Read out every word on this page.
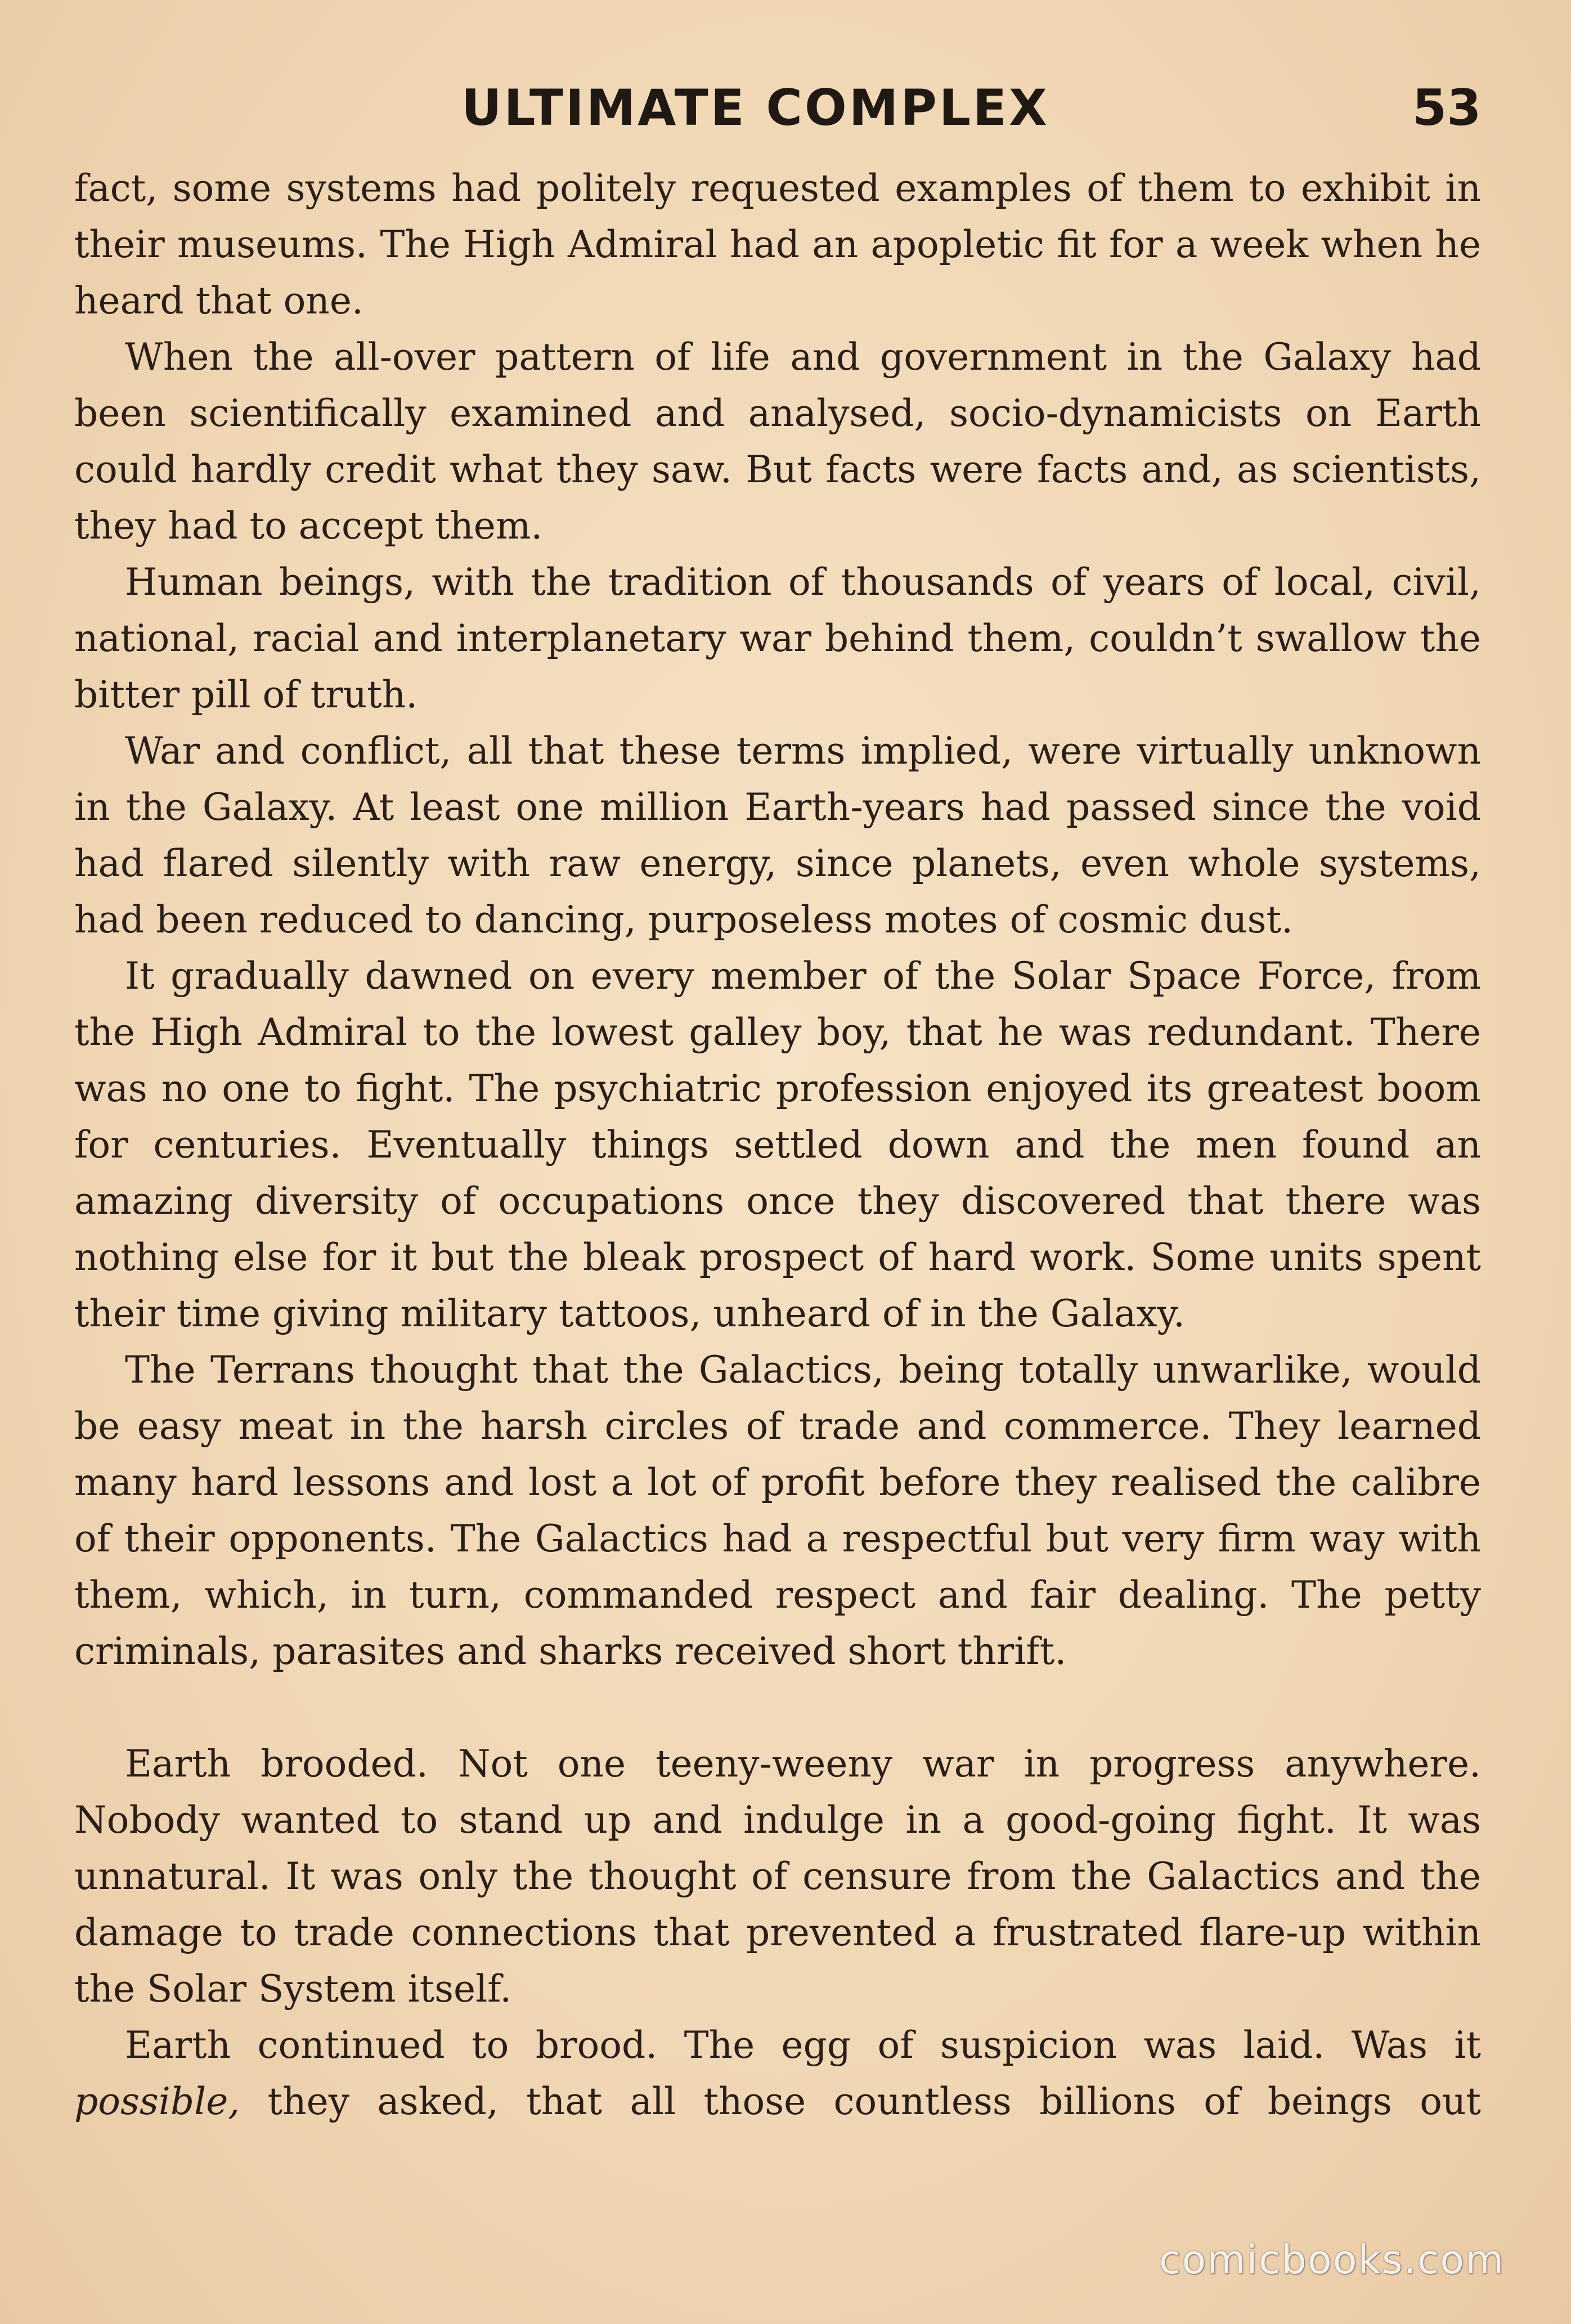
ULTIMATE COMPLEX	53

fact, some systems had politely requested examples of them to exhibit in their museums. The High Admiral had an apopletic fit for a week when he heard that one.

When the all-over pattern of life and government in the Galaxy had been scientifically examined and analysed, socio-dynamicists on Earth could hardly credit what they saw. But facts were facts and, as scientists, they had to accept them.

Human beings, with the tradition of thousands of years of local, civil, national, racial and interplanetary war behind them, couldn’t swallow the bitter pill of truth.

War and conflict, all that these terms implied, were virtually unknown in the Galaxy. At least one million Earth-years had passed since the void had flared silently with raw energy, since planets, even whole systems, had been reduced to dancing, purposeless motes of cosmic dust.

It gradually dawned on every member of the Solar Space Force, from the High Admiral to the lowest galley boy, that he was redundant. There was no one to fight. The psychiatric profession enjoyed its greatest boom for centuries. Eventually things settled down and the men found an amazing diversity of occupations once they discovered that there was nothing else for it but the bleak prospect of hard work. Some units spent their time giving military tattoos, unheard of in the Galaxy.

The Terrans thought that the Galactics, being totally unwarlike, would be easy meat in the harsh circles of trade and commerce. They learned many hard lessons and lost a lot of profit before they realised the calibre of their opponents. The Galactics had a respectful but very firm way with them, which, in turn, commanded respect and fair dealing. The petty criminals, parasites and sharks received short thrift.

Earth brooded. Not one teeny-weeny war in progress anywhere. Nobody wanted to stand up and indulge in a good-going fight. It was unnatural. It was only the thought of censure from the Galactics and the damage to trade connections that prevented a frustrated flare-up within the Solar System itself.

Earth continued to brood. The egg of suspicion was laid. Was it possible, they asked, that all those countless billions of beings out

comicbooks.com
